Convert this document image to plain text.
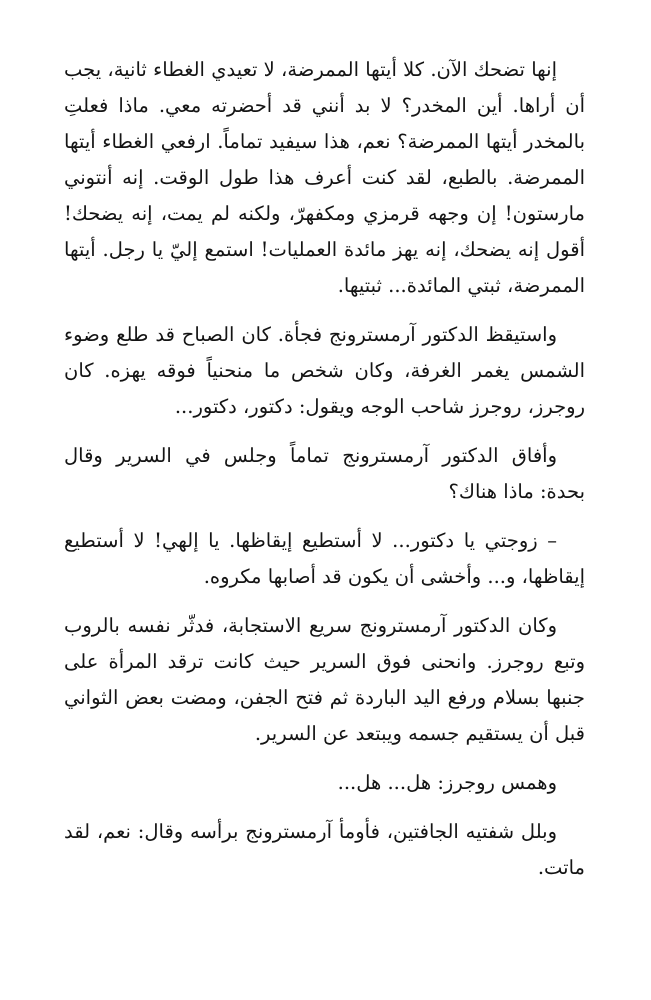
إنها تضحك الآن. كلا أيتها الممرضة، لا تعيدي الغطاء ثانية، يجب أن أراها. أين المخدر؟ لا بد أنني قد أحضرته معي. ماذا فعلتِ بالمخدر أيتها الممرضة؟ نعم، هذا سيفيد تماماً. ارفعي الغطاء أيتها الممرضة. بالطبع، لقد كنت أعرف هذا طول الوقت. إنه أنتوني مارستون! إن وجهه قرمزي ومكفهرّ، ولكنه لم يمت، إنه يضحك! أقول إنه يضحك، إنه يهز مائدة العمليات! استمع إليّ يا رجل. أيتها الممرضة، ثبتي المائدة... ثبتيها.

واستيقظ الدكتور آرمسترونج فجأة. كان الصباح قد طلع وضوء الشمس يغمر الغرفة، وكان شخص ما منحنياً فوقه يهزه. كان روجرز، روجرز شاحب الوجه ويقول: دكتور، دكتور...

وأفاق الدكتور آرمسترونج تماماً وجلس في السرير وقال بحدة: ماذا هناك؟

– زوجتي يا دكتور... لا أستطيع إيقاظها. يا إلهي! لا أستطيع إيقاظها، و... وأخشى أن يكون قد أصابها مكروه.

وكان الدكتور آرمسترونج سريع الاستجابة، فدثّر نفسه بالروب وتبع روجرز. وانحنى فوق السرير حيث كانت ترقد المرأة على جنبها بسلام ورفع اليد الباردة ثم فتح الجفن، ومضت بعض الثواني قبل أن يستقيم جسمه ويبتعد عن السرير.

وهمس روجرز: هل... هل...

وبلل شفتيه الجافتين، فأومأ آرمسترونج برأسه وقال: نعم، لقد ماتت.
